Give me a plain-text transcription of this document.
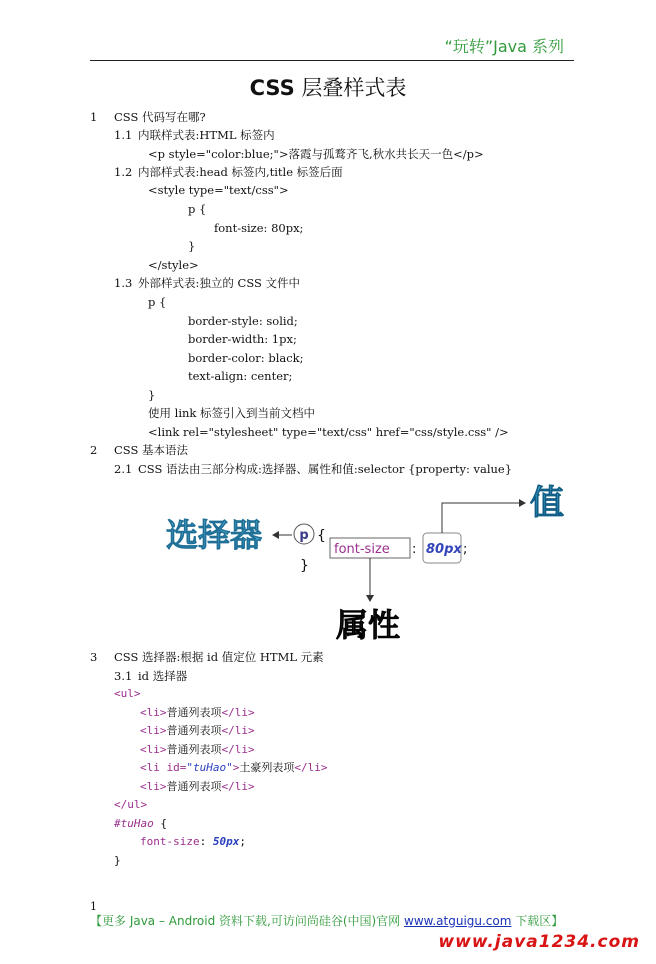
“玩转”Java 系列
CSS 层叠样式表
1 CSS 代码写在哪?
1.1 内联样式表:HTML 标签内
<p style="color:blue;">落霞与孤鹜齐飞,秋水共长天一色</p>
1.2 内部样式表:head 标签内,title 标签后面
<style type="text/css">
p {
font-size: 80px;
}
</style>
1.3 外部样式表:独立的 CSS 文件中
p {
border-style: solid;
border-width: 1px;
border-color: black;
text-align: center;
}
使用 link 标签引入到当前文档中
<link rel="stylesheet" type="text/css" href="css/style.css" />
2 CSS 基本语法
2.1 CSS 语法由三部分构成:选择器、属性和值:selector {property: value}
选择器	p {
}
font-size : 80px ;
值
属性
3 CSS 选择器:根据 id 值定位 HTML 元素
3.1 id 选择器
<ul>
<li>普通列表项</li>
<li>普通列表项</li>
<li>普通列表项</li>
<li id="tuHao">土豪列表项</li>
<li>普通列表项</li>
</ul>
#tuHao {
font-size: 50px;
}
1
【更多 Java – Android 资料下载,可访问尚硅谷(中国)官网 www.atguigu.com 下载区】
www.java1234.com
